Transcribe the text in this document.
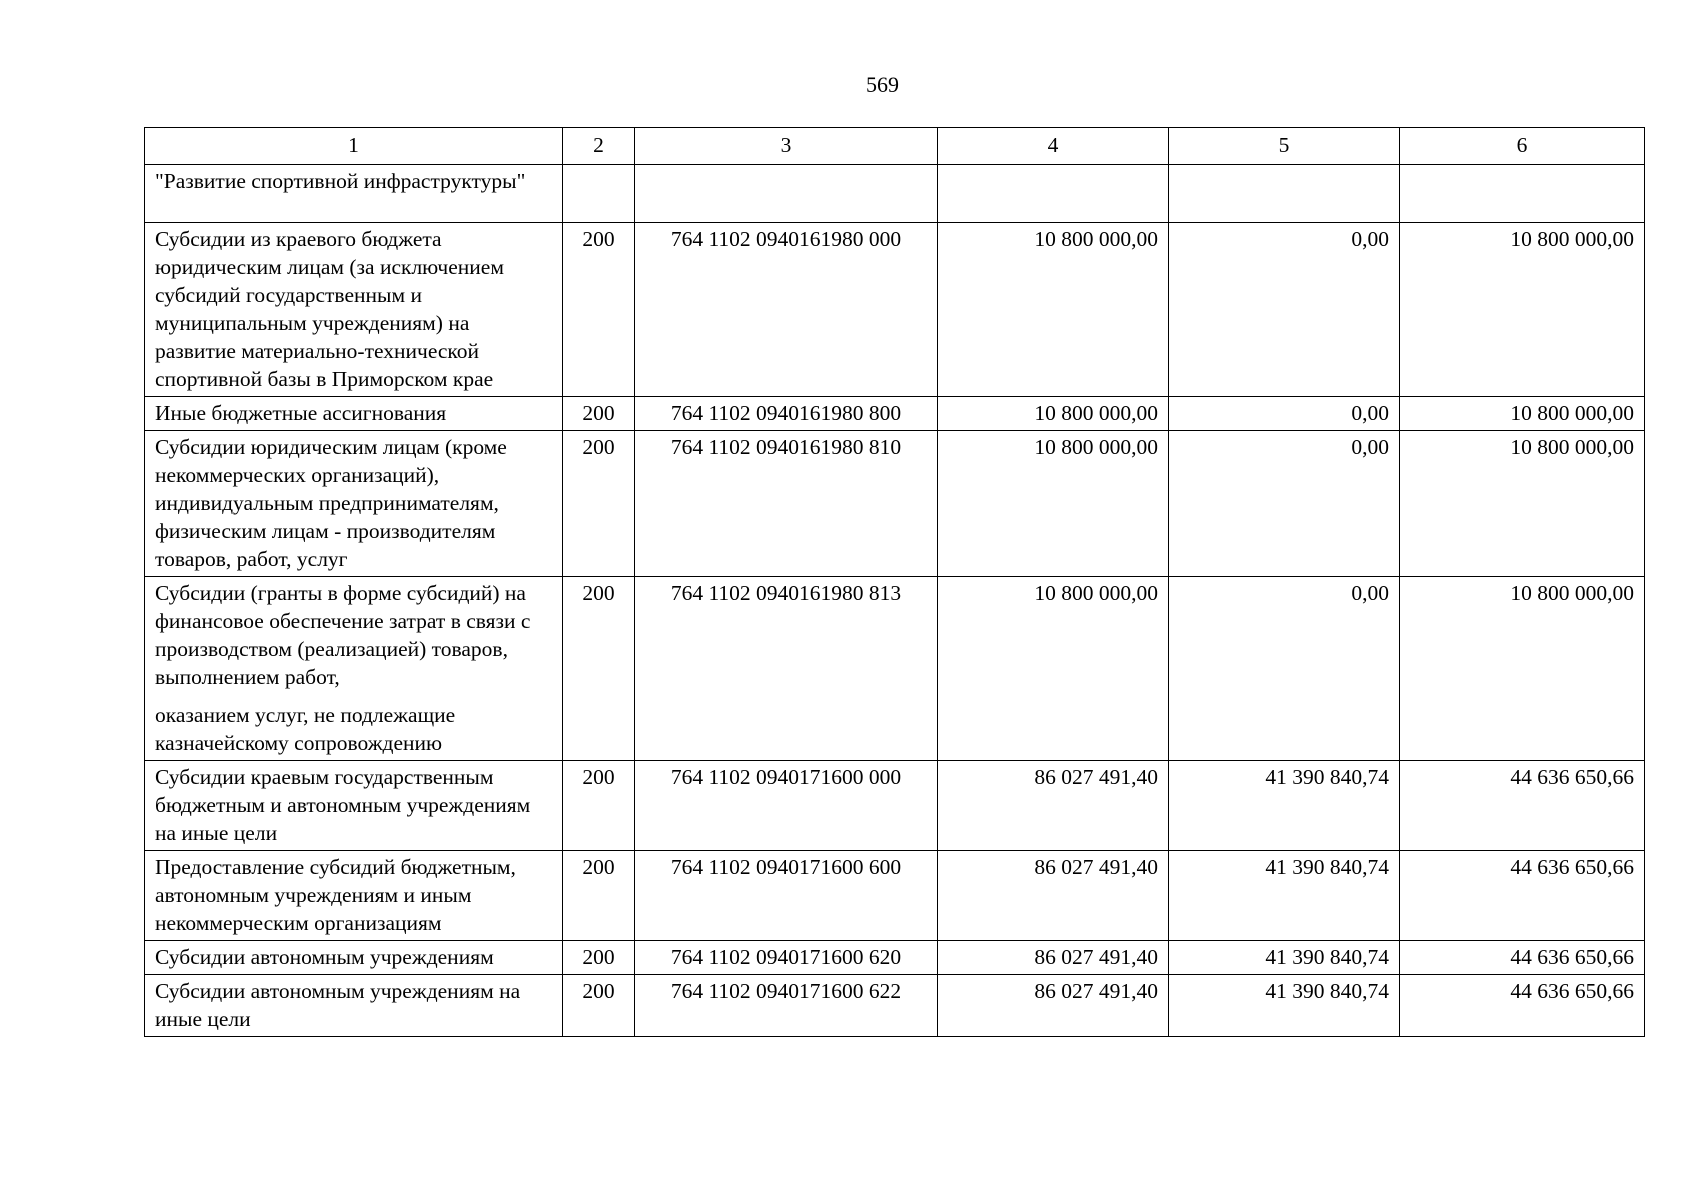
569
1	2	3	4	5	6
"Развитие спортивной инфраструктуры"					
Субсидии из краевого бюджета юридическим лицам (за исключением субсидий государственным и муниципальным учреждениям) на развитие материально-технической спортивной базы в Приморском крае	200	764 1102 0940161980 000	10 800 000,00	0,00	10 800 000,00
Иные бюджетные ассигнования	200	764 1102 0940161980 800	10 800 000,00	0,00	10 800 000,00
Субсидии юридическим лицам (кроме некоммерческих организаций), индивидуальным предпринимателям, физическим лицам - производителям товаров, работ, услуг	200	764 1102 0940161980 810	10 800 000,00	0,00	10 800 000,00
Субсидии (гранты в форме субсидий) на финансовое обеспечение затрат в связи с производством (реализацией) товаров, выполнением работ,
оказанием услуг, не подлежащие казначейскому сопровождению	200	764 1102 0940161980 813	10 800 000,00	0,00	10 800 000,00
Субсидии краевым государственным бюджетным и автономным учреждениям на иные цели	200	764 1102 0940171600 000	86 027 491,40	41 390 840,74	44 636 650,66
Предоставление субсидий бюджетным, автономным учреждениям и иным некоммерческим организациям	200	764 1102 0940171600 600	86 027 491,40	41 390 840,74	44 636 650,66
Субсидии автономным учреждениям	200	764 1102 0940171600 620	86 027 491,40	41 390 840,74	44 636 650,66
Субсидии автономным учреждениям на иные цели	200	764 1102 0940171600 622	86 027 491,40	41 390 840,74	44 636 650,66
